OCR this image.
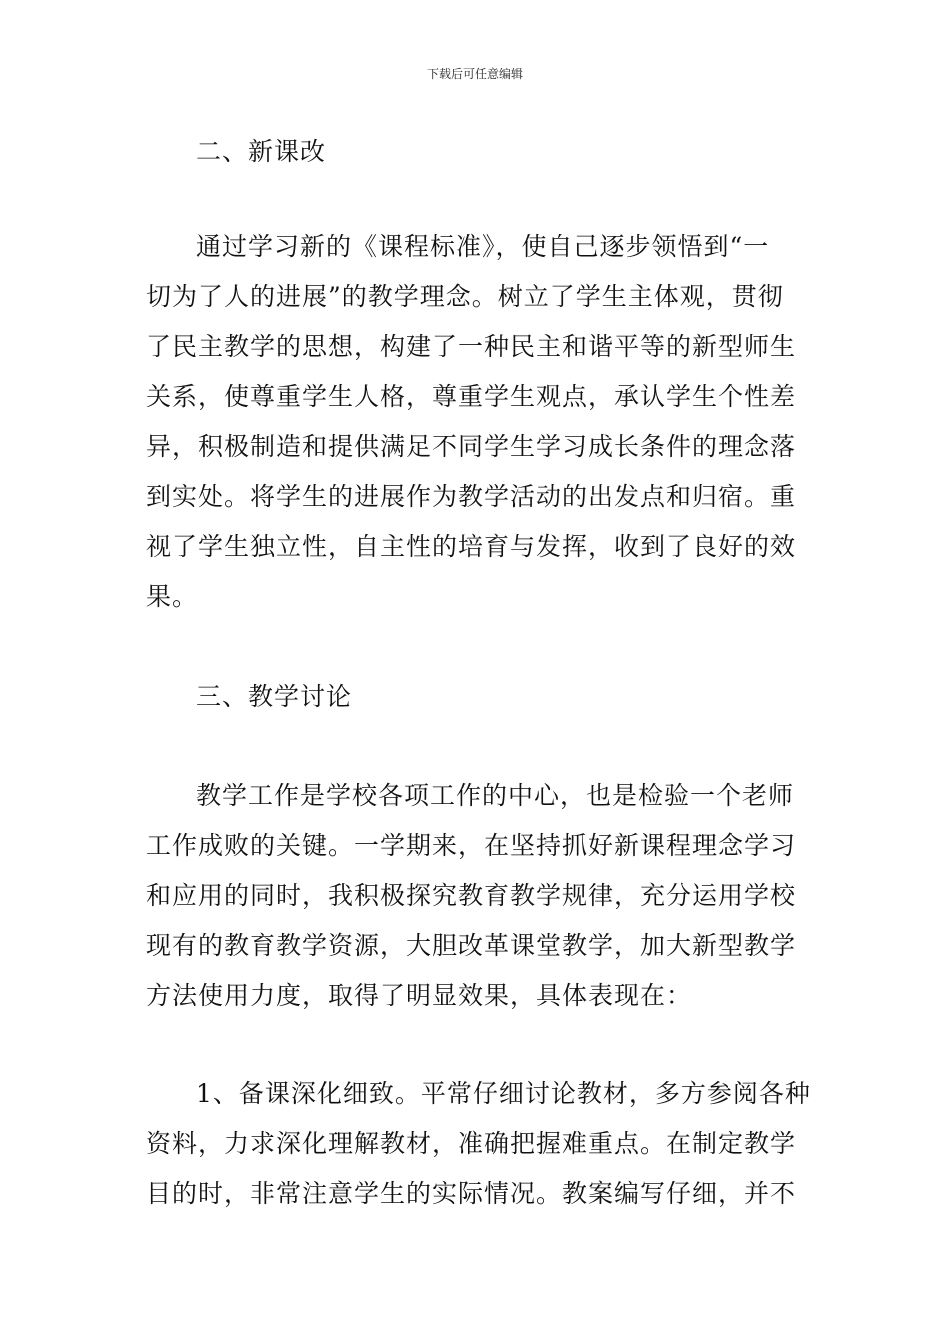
下载后可任意编辑
二、新课改
通过学习新的《课程标准》，使自己逐步领悟到“一
切为了人的进展”的教学理念。树立了学生主体观，贯彻
了民主教学的思想，构建了一种民主和谐平等的新型师生
关系，使尊重学生人格，尊重学生观点，承认学生个性差
异，积极制造和提供满足不同学生学习成长条件的理念落
到实处。将学生的进展作为教学活动的出发点和归宿。重
视了学生独立性，自主性的培育与发挥，收到了良好的效
果。
三、教学讨论
教学工作是学校各项工作的中心，也是检验一个老师
工作成败的关键。一学期来，在坚持抓好新课程理念学习
和应用的同时，我积极探究教育教学规律，充分运用学校
现有的教育教学资源，大胆改革课堂教学，加大新型教学
方法使用力度，取得了明显效果，具体表现在：
1、备课深化细致。平常仔细讨论教材，多方参阅各种
资料，力求深化理解教材，准确把握难重点。在制定教学
目的时，非常注意学生的实际情况。教案编写仔细，并不
